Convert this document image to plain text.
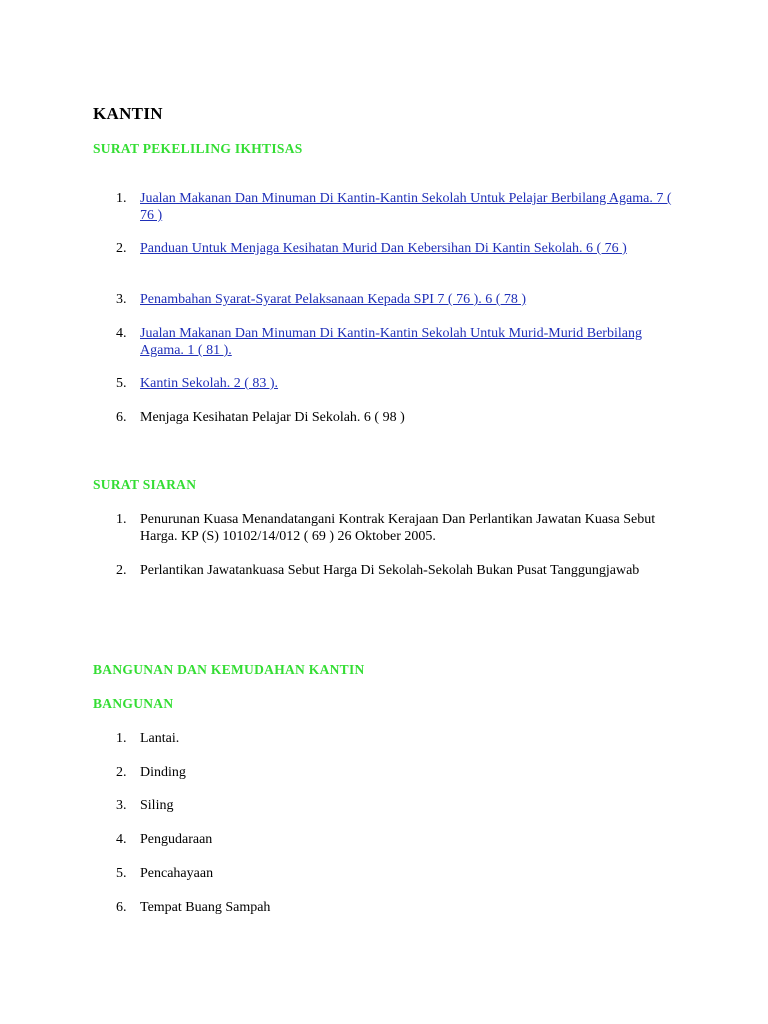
KANTIN
SURAT PEKELILING IKHTISAS
1. Jualan Makanan Dan Minuman Di Kantin-Kantin Sekolah Untuk Pelajar Berbilang Agama. 7 ( 76 )
2. Panduan Untuk Menjaga Kesihatan Murid Dan Kebersihan Di Kantin Sekolah. 6 ( 76 )
3. Penambahan Syarat-Syarat Pelaksanaan Kepada SPI 7 ( 76 ). 6 ( 78 )
4. Jualan Makanan Dan Minuman Di Kantin-Kantin Sekolah Untuk Murid-Murid Berbilang Agama. 1 ( 81 ).
5. Kantin Sekolah. 2 ( 83 ).
6. Menjaga Kesihatan Pelajar Di Sekolah. 6 ( 98 )
SURAT SIARAN
1. Penurunan Kuasa Menandatangani Kontrak Kerajaan Dan Perlantikan Jawatan Kuasa Sebut Harga. KP (S) 10102/14/012 ( 69 ) 26 Oktober 2005.
2. Perlantikan Jawatankuasa Sebut Harga Di Sekolah-Sekolah Bukan Pusat Tanggungjawab
BANGUNAN DAN KEMUDAHAN KANTIN
BANGUNAN
1. Lantai.
2. Dinding
3. Siling
4. Pengudaraan
5. Pencahayaan
6. Tempat Buang Sampah
